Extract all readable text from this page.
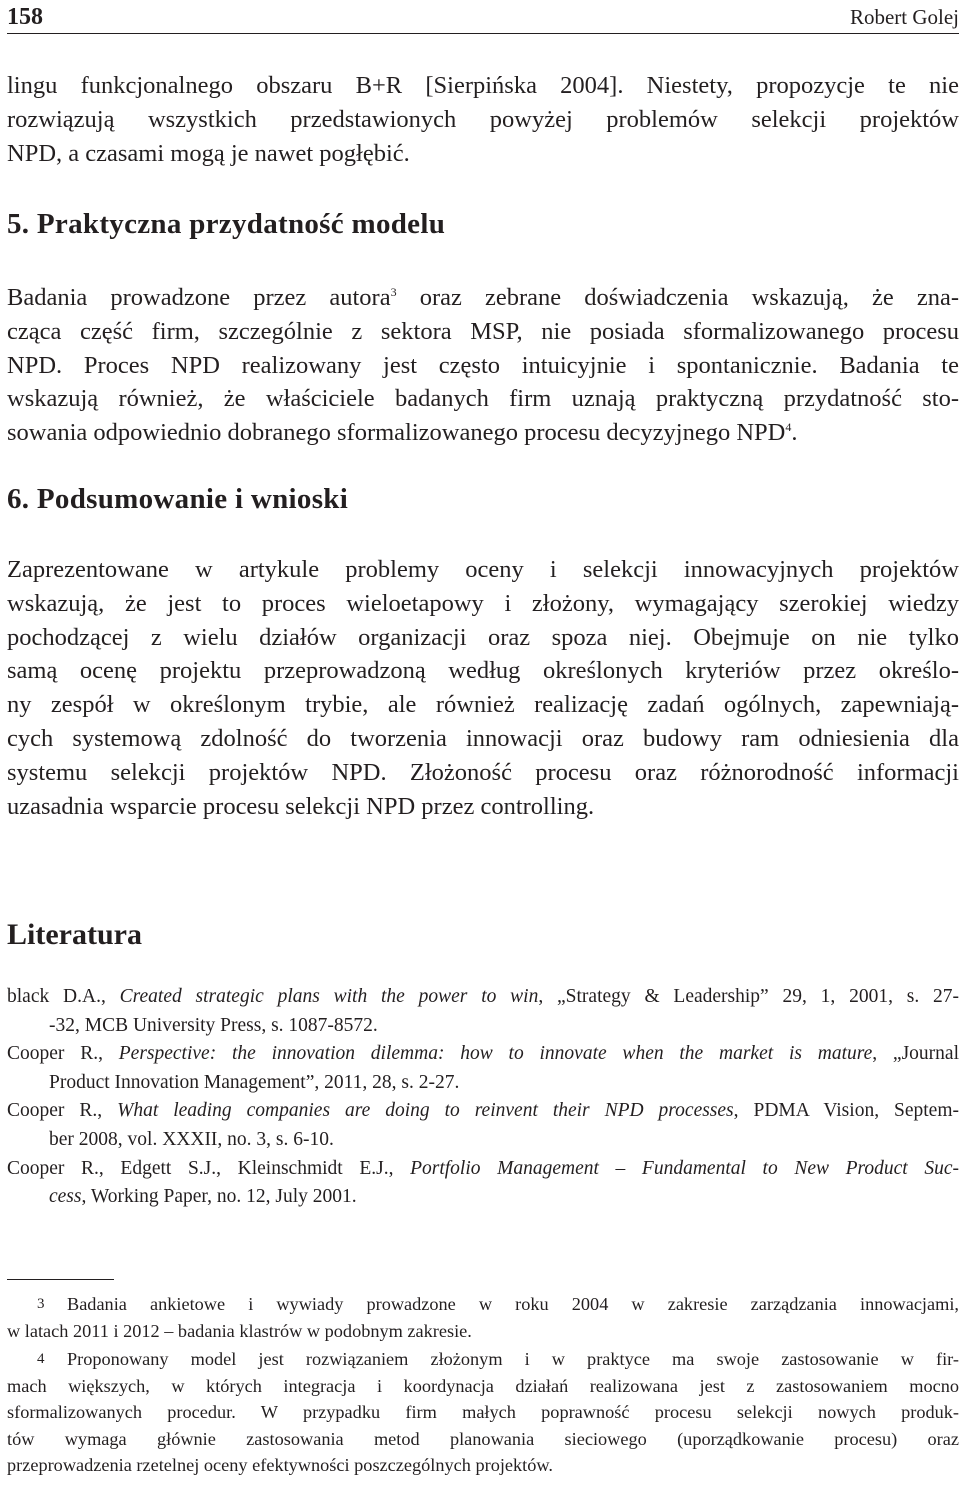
158	Robert Golej

lingu funkcjonalnego obszaru B+R [Sierpińska 2004]. Niestety, propozycje te nie
rozwiązują wszystkich przedstawionych powyżej problemów selekcji projektów
NPD, a czasami mogą je nawet pogłębić.

5. Praktyczna przydatność modelu

Badania prowadzone przez autora$^3$ oraz zebrane doświadczenia wskazują, że zna-
cząca część firm, szczególnie z sektora MSP, nie posiada sformalizowanego procesu
NPD. Proces NPD realizowany jest często intuicyjnie i spontanicznie. Badania te
wskazują również, że właściciele badanych firm uznają praktyczną przydatność sto-
sowania odpowiednio dobranego sformalizowanego procesu decyzyjnego NPD$^4$.

6. Podsumowanie i wnioski

Zaprezentowane w artykule problemy oceny i selekcji innowacyjnych projektów
wskazują, że jest to proces wieloetapowy i złożony, wymagający szerokiej wiedzy
pochodzącej z wielu działów organizacji oraz spoza niej. Obejmuje on nie tylko
samą ocenę projektu przeprowadzoną według określonych kryteriów przez określo-
ny zespół w określonym trybie, ale również realizację zadań ogólnych, zapewniają-
cych systemową zdolność do tworzenia innowacji oraz budowy ram odniesienia dla
systemu selekcji projektów NPD. Złożoność procesu oraz różnorodność informacji
uzasadnia wsparcie procesu selekcji NPD przez controlling.

Literatura
black D.A., Created strategic plans with the power to win, „Strategy & Leadership” 29, 1, 2001, s. 27-
-32, MCB University Press, s. 1087-8572.
Cooper R., Perspective: the innovation dilemma: how to innovate when the market is mature, „Journal
Product Innovation Management”, 2011, 28, s. 2-27.
Cooper R., What leading companies are doing to reinvent their NPD processes, PDMA Vision, Septem-
ber 2008, vol. XXXII, no. 3, s. 6-10.
Cooper R., Edgett S.J., Kleinschmidt E.J., Portfolio Management – Fundamental to New Product Suc-
cess, Working Paper, no. 12, July 2001.
3 Badania ankietowe i wywiady prowadzone w roku 2004 w zakresie zarządzania innowacjami,
w latach 2011 i 2012 – badania klastrów w podobnym zakresie.
4 Proponowany model jest rozwiązaniem złożonym i w praktyce ma swoje zastosowanie w fir-
mach większych, w których integracja i koordynacja działań realizowana jest z zastosowaniem mocno
sformalizowanych procedur. W przypadku firm małych poprawność procesu selekcji nowych produk-
tów wymaga głównie zastosowania metod planowania sieciowego (uporządkowanie procesu) oraz
przeprowadzenia rzetelnej oceny efektywności poszczególnych projektów.
